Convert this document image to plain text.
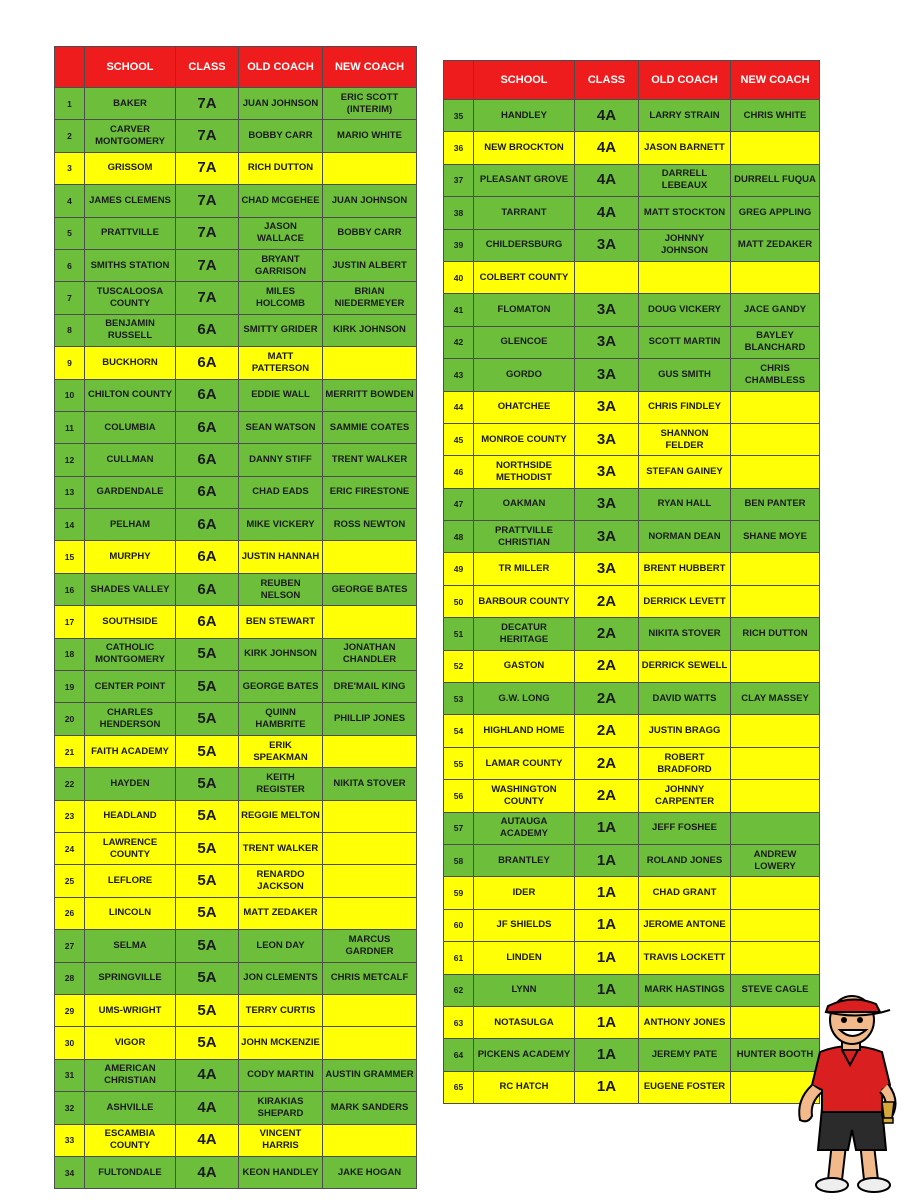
	SCHOOL	CLASS	OLD COACH	NEW COACH
1	BAKER	7A	JUAN JOHNSON	ERIC SCOTT (INTERIM)
2	CARVER MONTGOMERY	7A	BOBBY CARR	MARIO WHITE
3	GRISSOM	7A	RICH DUTTON	
4	JAMES CLEMENS	7A	CHAD MCGEHEE	JUAN JOHNSON
5	PRATTVILLE	7A	JASON WALLACE	BOBBY CARR
6	SMITHS STATION	7A	BRYANT GARRISON	JUSTIN ALBERT
7	TUSCALOOSA COUNTY	7A	MILES HOLCOMB	BRIAN NIEDERMEYER
8	BENJAMIN RUSSELL	6A	SMITTY GRIDER	KIRK JOHNSON
9	BUCKHORN	6A	MATT PATTERSON	
10	CHILTON COUNTY	6A	EDDIE WALL	MERRITT BOWDEN
11	COLUMBIA	6A	SEAN WATSON	SAMMIE COATES
12	CULLMAN	6A	DANNY STIFF	TRENT WALKER
13	GARDENDALE	6A	CHAD EADS	ERIC FIRESTONE
14	PELHAM	6A	MIKE VICKERY	ROSS NEWTON
15	MURPHY	6A	JUSTIN HANNAH	
16	SHADES VALLEY	6A	REUBEN NELSON	GEORGE BATES
17	SOUTHSIDE	6A	BEN STEWART	
18	CATHOLIC MONTGOMERY	5A	KIRK JOHNSON	JONATHAN CHANDLER
19	CENTER POINT	5A	GEORGE BATES	DRE'MAIL KING
20	CHARLES HENDERSON	5A	QUINN HAMBRITE	PHILLIP JONES
21	FAITH ACADEMY	5A	ERIK SPEAKMAN	
22	HAYDEN	5A	KEITH REGISTER	NIKITA STOVER
23	HEADLAND	5A	REGGIE MELTON	
24	LAWRENCE COUNTY	5A	TRENT WALKER	
25	LEFLORE	5A	RENARDO JACKSON	
26	LINCOLN	5A	MATT ZEDAKER	
27	SELMA	5A	LEON DAY	MARCUS GARDNER
28	SPRINGVILLE	5A	JON CLEMENTS	CHRIS METCALF
29	UMS-WRIGHT	5A	TERRY CURTIS	
30	VIGOR	5A	JOHN MCKENZIE	
31	AMERICAN CHRISTIAN	4A	CODY MARTIN	AUSTIN GRAMMER
32	ASHVILLE	4A	KIRAKIAS SHEPARD	MARK SANDERS
33	ESCAMBIA COUNTY	4A	VINCENT HARRIS	
34	FULTONDALE	4A	KEON HANDLEY	JAKE HOGAN
	SCHOOL	CLASS	OLD COACH	NEW COACH
35	HANDLEY	4A	LARRY STRAIN	CHRIS WHITE
36	NEW BROCKTON	4A	JASON BARNETT	
37	PLEASANT GROVE	4A	DARRELL LEBEAUX	DURRELL FUQUA
38	TARRANT	4A	MATT STOCKTON	GREG APPLING
39	CHILDERSBURG	3A	JOHNNY JOHNSON	MATT ZEDAKER
40	COLBERT COUNTY			
41	FLOMATON	3A	DOUG VICKERY	JACE GANDY
42	GLENCOE	3A	SCOTT MARTIN	BAYLEY BLANCHARD
43	GORDO	3A	GUS SMITH	CHRIS CHAMBLESS
44	OHATCHEE	3A	CHRIS FINDLEY	
45	MONROE COUNTY	3A	SHANNON FELDER	
46	NORTHSIDE METHODIST	3A	STEFAN GAINEY	
47	OAKMAN	3A	RYAN HALL	BEN PANTER
48	PRATTVILLE CHRISTIAN	3A	NORMAN DEAN	SHANE MOYE
49	TR MILLER	3A	BRENT HUBBERT	
50	BARBOUR COUNTY	2A	DERRICK LEVETT	
51	DECATUR HERITAGE	2A	NIKITA STOVER	RICH DUTTON
52	GASTON	2A	DERRICK SEWELL	
53	G.W. LONG	2A	DAVID WATTS	CLAY MASSEY
54	HIGHLAND HOME	2A	JUSTIN BRAGG	
55	LAMAR COUNTY	2A	ROBERT BRADFORD	
56	WASHINGTON COUNTY	2A	JOHNNY CARPENTER	
57	AUTAUGA ACADEMY	1A	JEFF FOSHEE	
58	BRANTLEY	1A	ROLAND JONES	ANDREW LOWERY
59	IDER	1A	CHAD GRANT	
60	JF SHIELDS	1A	JEROME ANTONE	
61	LINDEN	1A	TRAVIS LOCKETT	
62	LYNN	1A	MARK HASTINGS	STEVE CAGLE
63	NOTASULGA	1A	ANTHONY JONES	
64	PICKENS ACADEMY	1A	JEREMY PATE	HUNTER BOOTH
65	RC HATCH	1A	EUGENE FOSTER	
